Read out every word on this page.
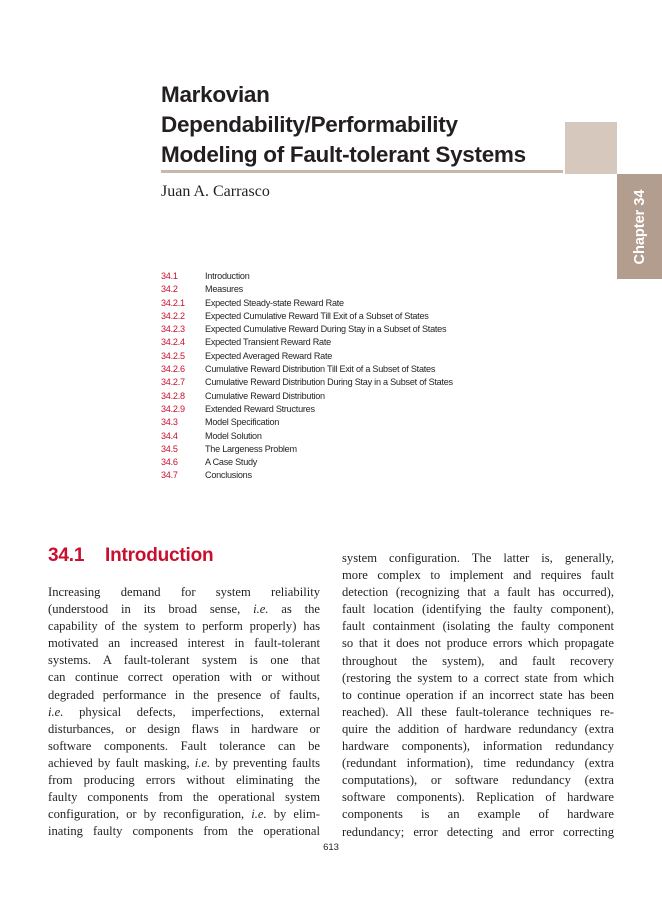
Markovian
Dependability/Performability
Modeling of Fault-tolerant Systems
Juan A. Carrasco	Chapter 34
34.1	Introduction
34.2	Measures
34.2.1	Expected Steady-state Reward Rate
34.2.2	Expected Cumulative Reward Till Exit of a Subset of States
34.2.3	Expected Cumulative Reward During Stay in a Subset of States
34.2.4	Expected Transient Reward Rate
34.2.5	Expected Averaged Reward Rate
34.2.6	Cumulative Reward Distribution Till Exit of a Subset of States
34.2.7	Cumulative Reward Distribution During Stay in a Subset of States
34.2.8	Cumulative Reward Distribution
34.2.9	Extended Reward Structures
34.3	Model Specification
34.4	Model Solution
34.5	The Largeness Problem
34.6	A Case Study
34.7	Conclusions
34.1 Introduction
Increasing demand for system reliability
(understood in its broad sense, i.e. as the
capability of the system to perform properly) has
motivated an increased interest in fault-tolerant
systems. A fault-tolerant system is one that
can continue correct operation with or without
degraded performance in the presence of faults,
i.e. physical defects, imperfections, external
disturbances, or design flaws in hardware or
software components. Fault tolerance can be
achieved by fault masking, i.e. by preventing faults
from producing errors without eliminating the
faulty components from the operational system
configuration, or by reconfiguration, i.e. by elim-
inating faulty components from the operational
system configuration. The latter is, generally,
more complex to implement and requires fault
detection (recognizing that a fault has occurred),
fault location (identifying the faulty component),
fault containment (isolating the faulty component
so that it does not produce errors which propagate
throughout the system), and fault recovery
(restoring the system to a correct state from which
to continue operation if an incorrect state has been
reached). All these fault-tolerance techniques re-
quire the addition of hardware redundancy (extra
hardware components), information redundancy
(redundant information), time redundancy (extra
computations), or software redundancy (extra
software components). Replication of hardware
components is an example of hardware
redundancy; error detecting and error correcting
613
